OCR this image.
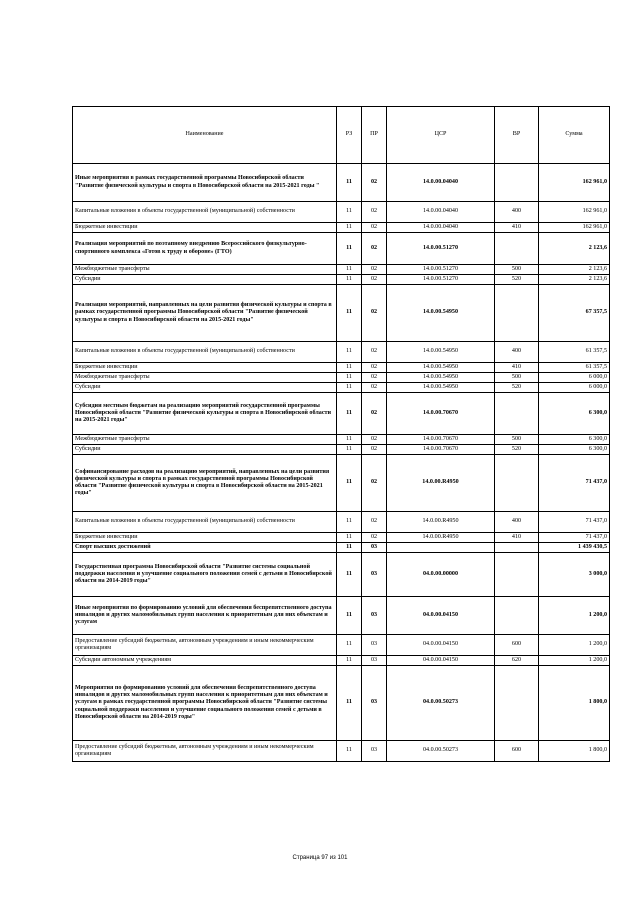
Наименование	РЗ	ПР	ЦСР	ВР	Сумма
Иные мероприятия в рамках государственной программы Новосибирской области "Развитие физической культуры и спорта в Новосибирской области на 2015-2021 годы "	11	02	14.0.00.04040		162 961,0
Капитальные вложения в объекты государственной (муниципальной) собственности	11	02	14.0.00.04040	400	162 961,0
Бюджетные инвестиции	11	02	14.0.00.04040	410	162 961,0
Реализация мероприятий по поэтапному внедрению Всероссийского физкультурно-спортивного комплекса «Готов к труду и обороне» (ГТО)	11	02	14.0.00.51270		2 123,6
Межбюджетные трансферты	11	02	14.0.00.51270	500	2 123,6
Субсидии	11	02	14.0.00.51270	520	2 123,6
Реализация мероприятий, направленных на цели развития физической культуры и спорта в рамках государственной программы Новосибирской области "Развитие физической культуры и спорта в Новосибирской области на 2015-2021 годы"	11	02	14.0.00.54950		67 357,5
Капитальные вложения в объекты государственной (муниципальной) собственности	11	02	14.0.00.54950	400	61 357,5
Бюджетные инвестиции	11	02	14.0.00.54950	410	61 357,5
Межбюджетные трансферты	11	02	14.0.00.54950	500	6 000,0
Субсидии	11	02	14.0.00.54950	520	6 000,0
Субсидии местным бюджетам на реализацию мероприятий государственной программы Новосибирской области "Развитие физической культуры и спорта в Новосибирской области на 2015-2021 годы"	11	02	14.0.00.70670		6 300,0
Межбюджетные трансферты	11	02	14.0.00.70670	500	6 300,0
Субсидии	11	02	14.0.00.70670	520	6 300,0
Софинансирование расходов на реализацию мероприятий, направленных на цели развития физической культуры и спорта в рамках государственной программы Новосибирской области "Развитие физической культуры и спорта в Новосибирской области на 2015-2021 годы"	11	02	14.0.00.R4950		71 437,0
Капитальные вложения в объекты государственной (муниципальной) собственности	11	02	14.0.00.R4950	400	71 437,0
Бюджетные инвестиции	11	02	14.0.00.R4950	410	71 437,0
Спорт высших достижений	11	03			1 439 430,5
Государственная программа Новосибирской области "Развитие системы социальной поддержки населения и улучшение социального положения семей с детьми в Новосибирской области на 2014-2019 годы"	11	03	04.0.00.00000		3 000,0
Иные мероприятия по формированию условий для обеспечения беспрепятственного доступа инвалидов и других маломобильных групп населения к приоритетным для них объектам и услугам	11	03	04.0.00.04150		1 200,0
Предоставление субсидий бюджетным, автономным учреждениям и иным некоммерческим организациям	11	03	04.0.00.04150	600	1 200,0
Субсидии автономным учреждениям	11	03	04.0.00.04150	620	1 200,0
Мероприятия по формированию условий для обеспечения беспрепятственного доступа инвалидов и других маломобильных групп населения к приоритетным для них объектам и услугам в рамках государственной программы Новосибирской области "Развитие системы социальной поддержки населения и улучшение социального положения семей с детьми в Новосибирской области на 2014-2019 годы"	11	03	04.0.00.50273		1 800,0
Предоставление субсидий бюджетным, автономным учреждениям и иным некоммерческим организациям	11	03	04.0.00.50273	600	1 800,0
Страница 97 из 101
